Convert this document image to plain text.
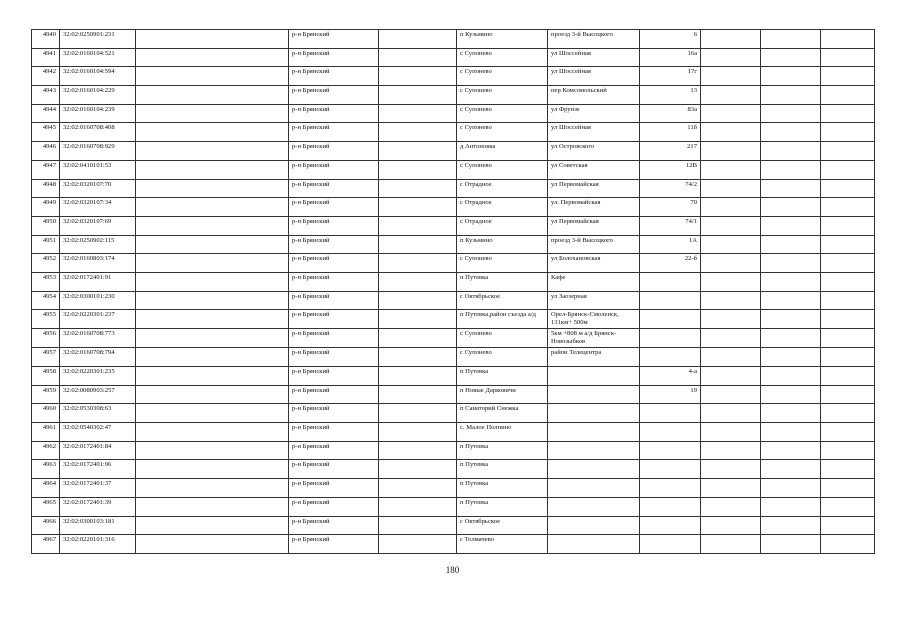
4940	32:02:0250901:231		р-н Брянский		п Кузьмино	проезд 3-й Высоцкого	6			
4941	32:02:0160104:521		р-н Брянский		с Супонево	ул Шоссейная	16а			
4942	32:02:0160104:594		р-н Брянский		с Супонево	ул Шоссейная	17г			
4943	32:02:0160104:229		р-н Брянский		с Супонево	пер Комсомольский	13			
4944	32:02:0160104:239		р-н Брянский		с Супонево	ул Фрунзе	83а			
4945	32:02:0160708:408		р-н Брянский		с Супонево	ул Шоссейная	11б			
4946	32:02:0160708:929		р-н Брянский		д Антоновка	ул Островского	217			
4947	32:02:0410101:53		р-н Брянский		с Супонево	ул Советская	12В			
4948	32:02:0320107:70		р-н Брянский		с Отрадное	ул Первомайская	74/2			
4949	32:02:0320107:34		р-н Брянский		с Отрадное	ул. Первомайская	70			
4950	32:02:0320107:69		р-н Брянский		с Отрадное	ул Первомайская	74/1			
4951	32:02:0250902:115		р-н Брянский		п Кузьмино	проезд 3-й Высоцкого	1А			
4952	32:02:0160803:174		р-н Брянский		с Супонево	ул Болохановская	22-б			
4953	32:02:0172401:91		р-н Брянский		п Путевка	Кафе				
4954	32:02:0300101:230		р-н Брянский		с Октябрьское	ул Заозерная				
4955	32:02:0220301:237		р-н Брянский		п Путевка,район съезда а/д	Орел-Брянск-Смоленск, 131км+ 500м				
4956	32:02:0160708:773		р-н Брянский		с Супонево	5км +808 м а/д Брянск-Новозыбков				
4957	32:02:0160708:794		р-н Брянский		с Супонево	район Телецентра				
4958	32:02:0220301:235		р-н Брянский		п Путевка		4-а			
4959	32:02:0080903:257		р-н Брянский		п Новые Дарковичи		19			
4960	32:02:0530308:63		р-н Брянский		п Санаторий Снежка					
4961	32:02:0540302:47		р-н Брянский		с. Малое Полпино					
4962	32:02:0172401:84		р-н Брянский		п Путевка					
4963	32:02:0172401:96		р-н Брянский		п Путевка					
4964	32:02:0172401:37		р-н Брянский		п Путевка					
4965	32:02:0172401:39		р-н Брянский		п Путевка					
4966	32:02:0300103:181		р-н Брянский		с Октябрьское					
4967	32:02:0220101:316		р-н Брянский		с Толмачево					
180
